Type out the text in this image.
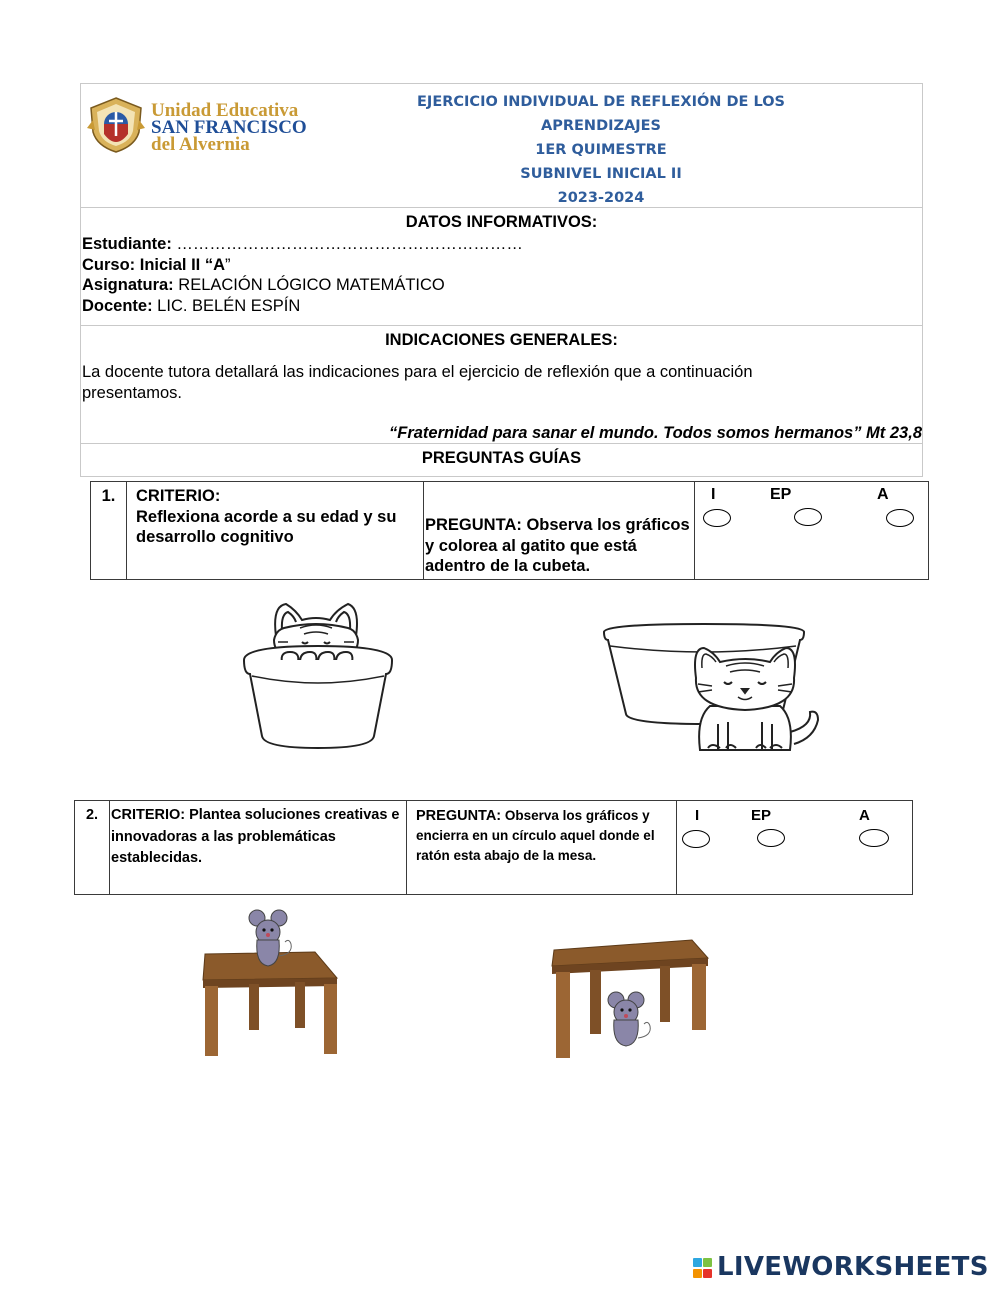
Unidad Educativa
SAN FRANCISCO
del Alvernia
EJERCICIO INDIVIDUAL DE REFLEXIÓN DE LOS APRENDIZAJES
1ER QUIMESTRE
SUBNIVEL INICIAL II
2023-2024
DATOS INFORMATIVOS:
Estudiante: ………………………………………………………
Curso: Inicial II “A”
Asignatura: RELACIÓN LÓGICO MATEMÁTICO
Docente: LIC. BELÉN ESPÍN
INDICACIONES GENERALES:
La docente tutora detallará las indicaciones para el ejercicio de reflexión que a continuación presentamos.
“Fraternidad para sanar el mundo. Todos somos hermanos” Mt 23,8
PREGUNTAS GUÍAS
1.	CRITERIO:
Reflexiona acorde a su edad y su desarrollo cognitivo
	PREGUNTA: Observa los gráficos y colorea al gatito que está adentro de la cubeta.	
I	EP	A
2.	CRITERIO: Plantea soluciones creativas e innovadoras a las problemáticas establecidas.	PREGUNTA: Observa los gráficos y encierra en un círculo aquel donde el ratón esta abajo de la mesa.	
I	EP	A
LIVEWORKSHEETS
